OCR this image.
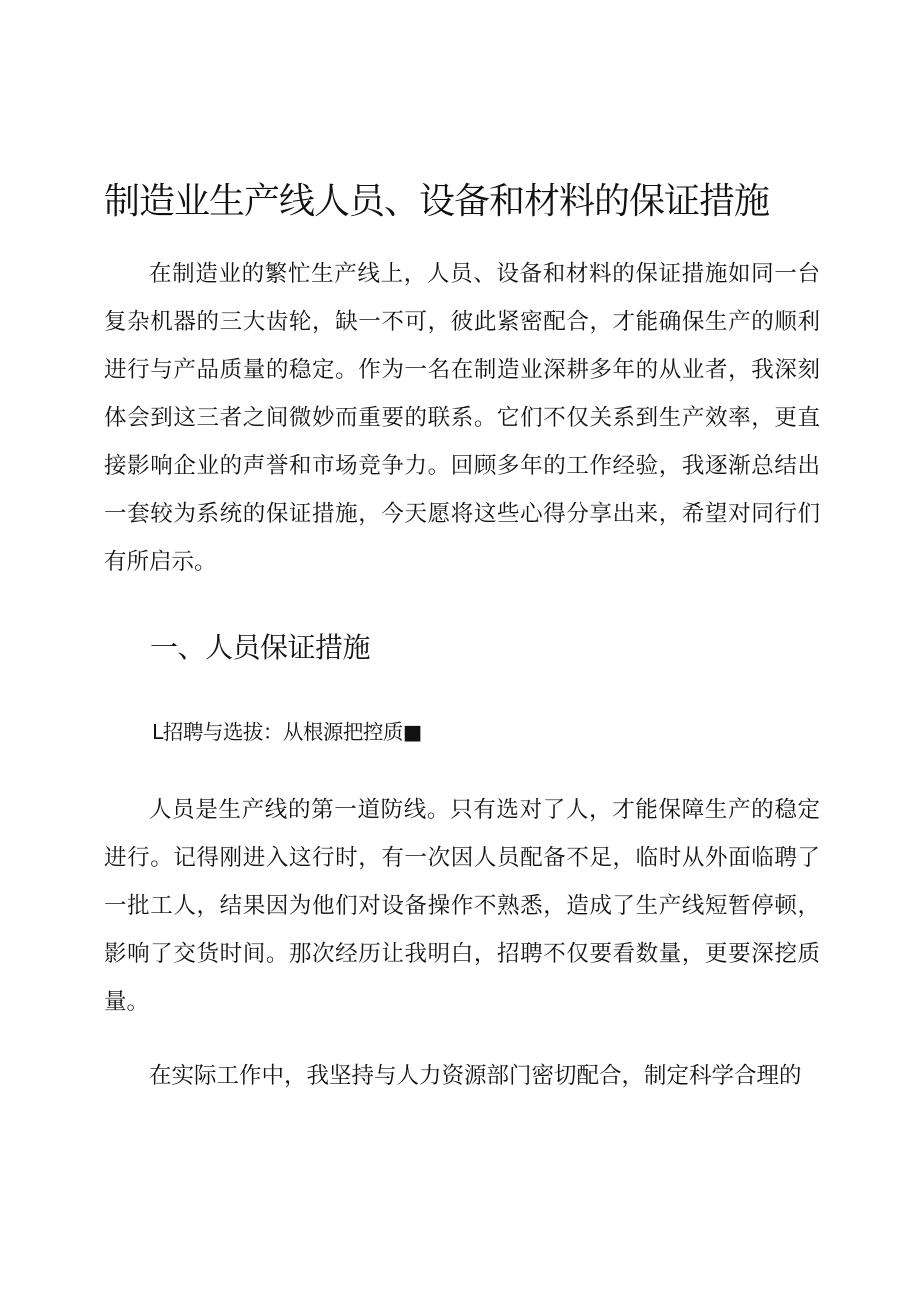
制造业生产线人员、设备和材料的保证措施

在制造业的繁忙生产线上，人员、设备和材料的保证措施如同一台复杂机器的三大齿轮，缺一不可，彼此紧密配合，才能确保生产的顺利进行与产品质量的稳定。作为一名在制造业深耕多年的从业者，我深刻体会到这三者之间微妙而重要的联系。它们不仅关系到生产效率，更直接影响企业的声誉和市场竞争力。回顾多年的工作经验，我逐渐总结出一套较为系统的保证措施，今天愿将这些心得分享出来，希望对同行们有所启示。

一、人员保证措施
L招聘与选拔：从根源把控质■

人员是生产线的第一道防线。只有选对了人，才能保障生产的稳定进行。记得刚进入这行时，有一次因人员配备不足，临时从外面临聘了一批工人，结果因为他们对设备操作不熟悉，造成了生产线短暂停顿，影响了交货时间。那次经历让我明白，招聘不仅要看数量，更要深挖质量。

在实际工作中，我坚持与人力资源部门密切配合，制定科学合理的
